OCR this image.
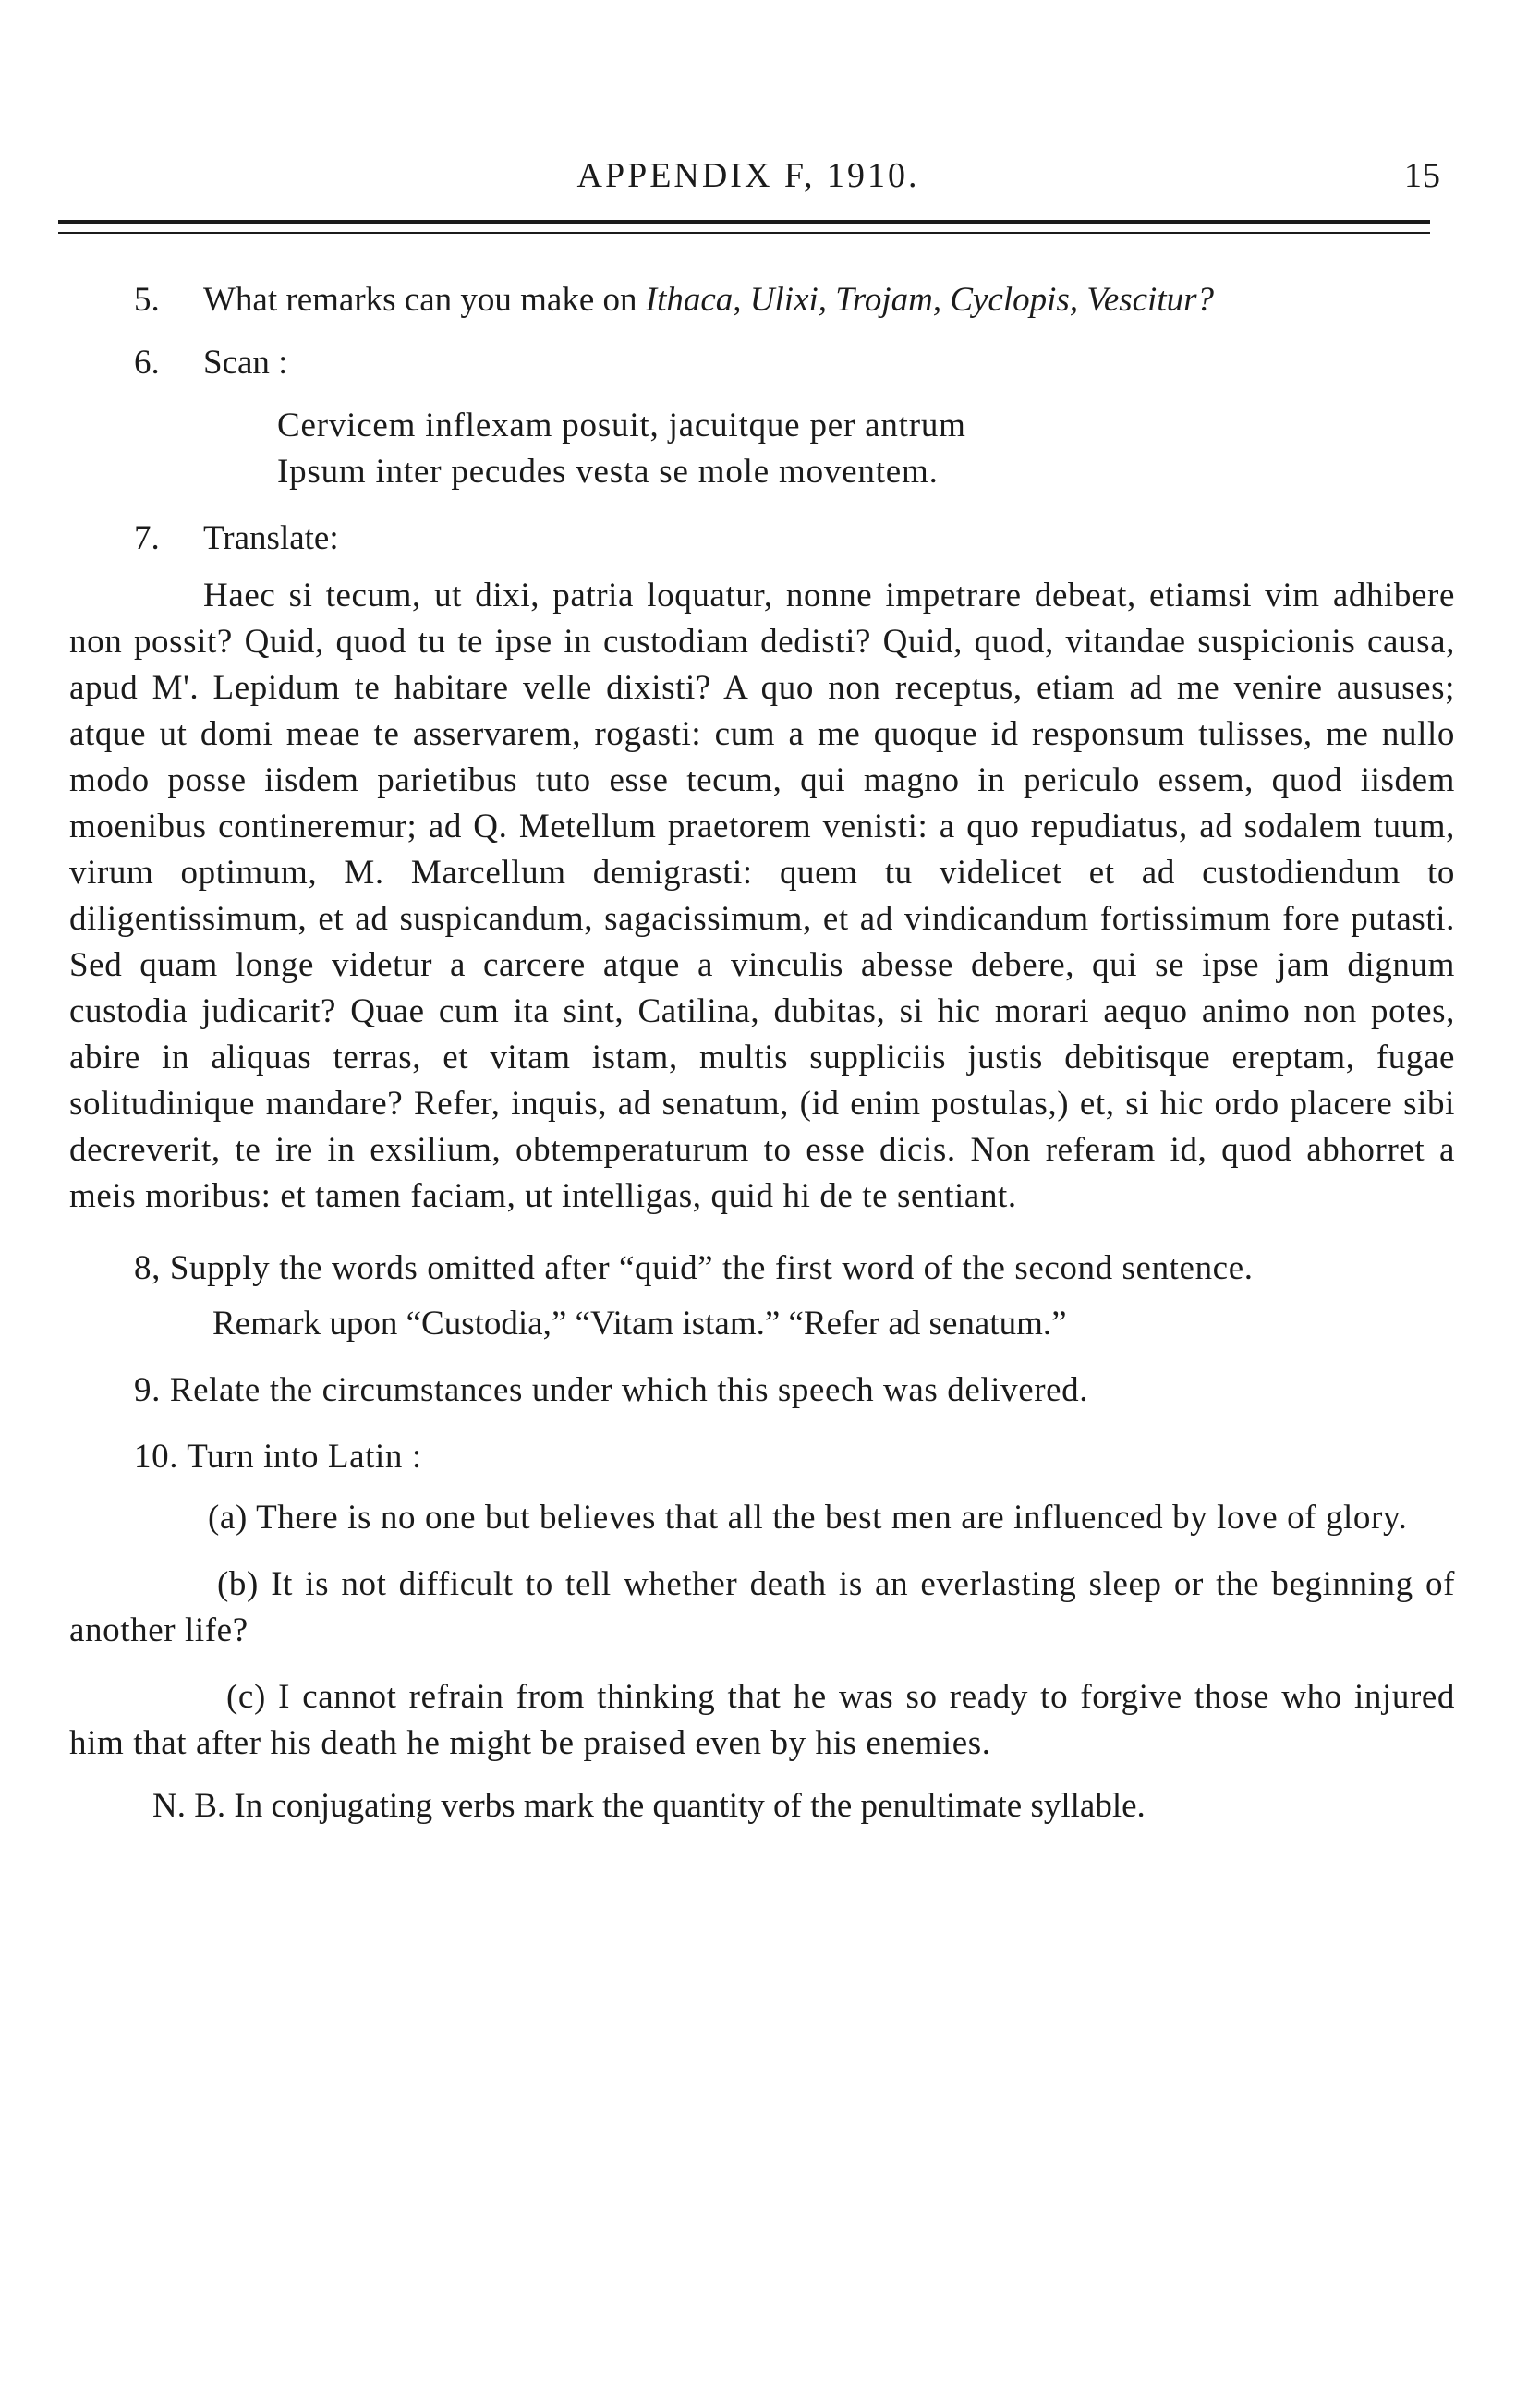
APPENDIX F, 1910.	15
5. What remarks can you make on Ithaca, Ulixi, Trojam, Cyclopis, Vescitur?
6. Scan :
Cervicem inflexam posuit, jacuitque per antrum
Ipsum inter pecudes vesta se mole moventem.
7. Translate:
Haec si tecum, ut dixi, patria loquatur, nonne impetrare debeat, etiamsi vim adhibere non possit? Quid, quod tu te ipse in custodiam dedisti? Quid, quod, vitandae suspicionis causa, apud M'. Lepidum te habitare velle dixisti? A quo non receptus, etiam ad me venire aususes; atque ut domi meae te asservarem, rogasti: cum a me quoque id responsum tulisses, me nullo modo posse iisdem parietibus tuto esse tecum, qui magno in periculo essem, quod iisdem moenibus contineremur; ad Q. Metellum praetorem venisti: a quo repudiatus, ad sodalem tuum, virum optimum, M. Marcellum demigrasti: quem tu videlicet et ad custodiendum to diligentissimum, et ad suspicandum, sagacissimum, et ad vindicandum fortissimum fore putasti. Sed quam longe videtur a carcere atque a vinculis abesse debere, qui se ipse jam dignum custodia judicarit? Quae cum ita sint, Catilina, dubitas, si hic morari aequo animo non potes, abire in aliquas terras, et vitam istam, multis suppliciis justis debitisque ereptam, fugae solitudinique mandare? Refer, inquis, ad senatum, (id enim postulas,) et, si hic ordo placere sibi decreverit, te ire in exsilium, obtemperaturum to esse dicis. Non referam id, quod abhorret a meis moribus: et tamen faciam, ut intelligas, quid hi de te sentiant.
8, Supply the words omitted after “quid” the first word of the second sentence.
Remark upon “Custodia,” “Vitam istam.” “Refer ad senatum.”
9. Relate the circumstances under which this speech was delivered.
10. Turn into Latin :
(a) There is no one but believes that all the best men are influenced by love of glory.
(b) It is not difficult to tell whether death is an everlasting sleep or the beginning of another life?
(c) I cannot refrain from thinking that he was so ready to forgive those who injured him that after his death he might be praised even by his enemies.
N. B. In conjugating verbs mark the quantity of the penultimate syllable.
